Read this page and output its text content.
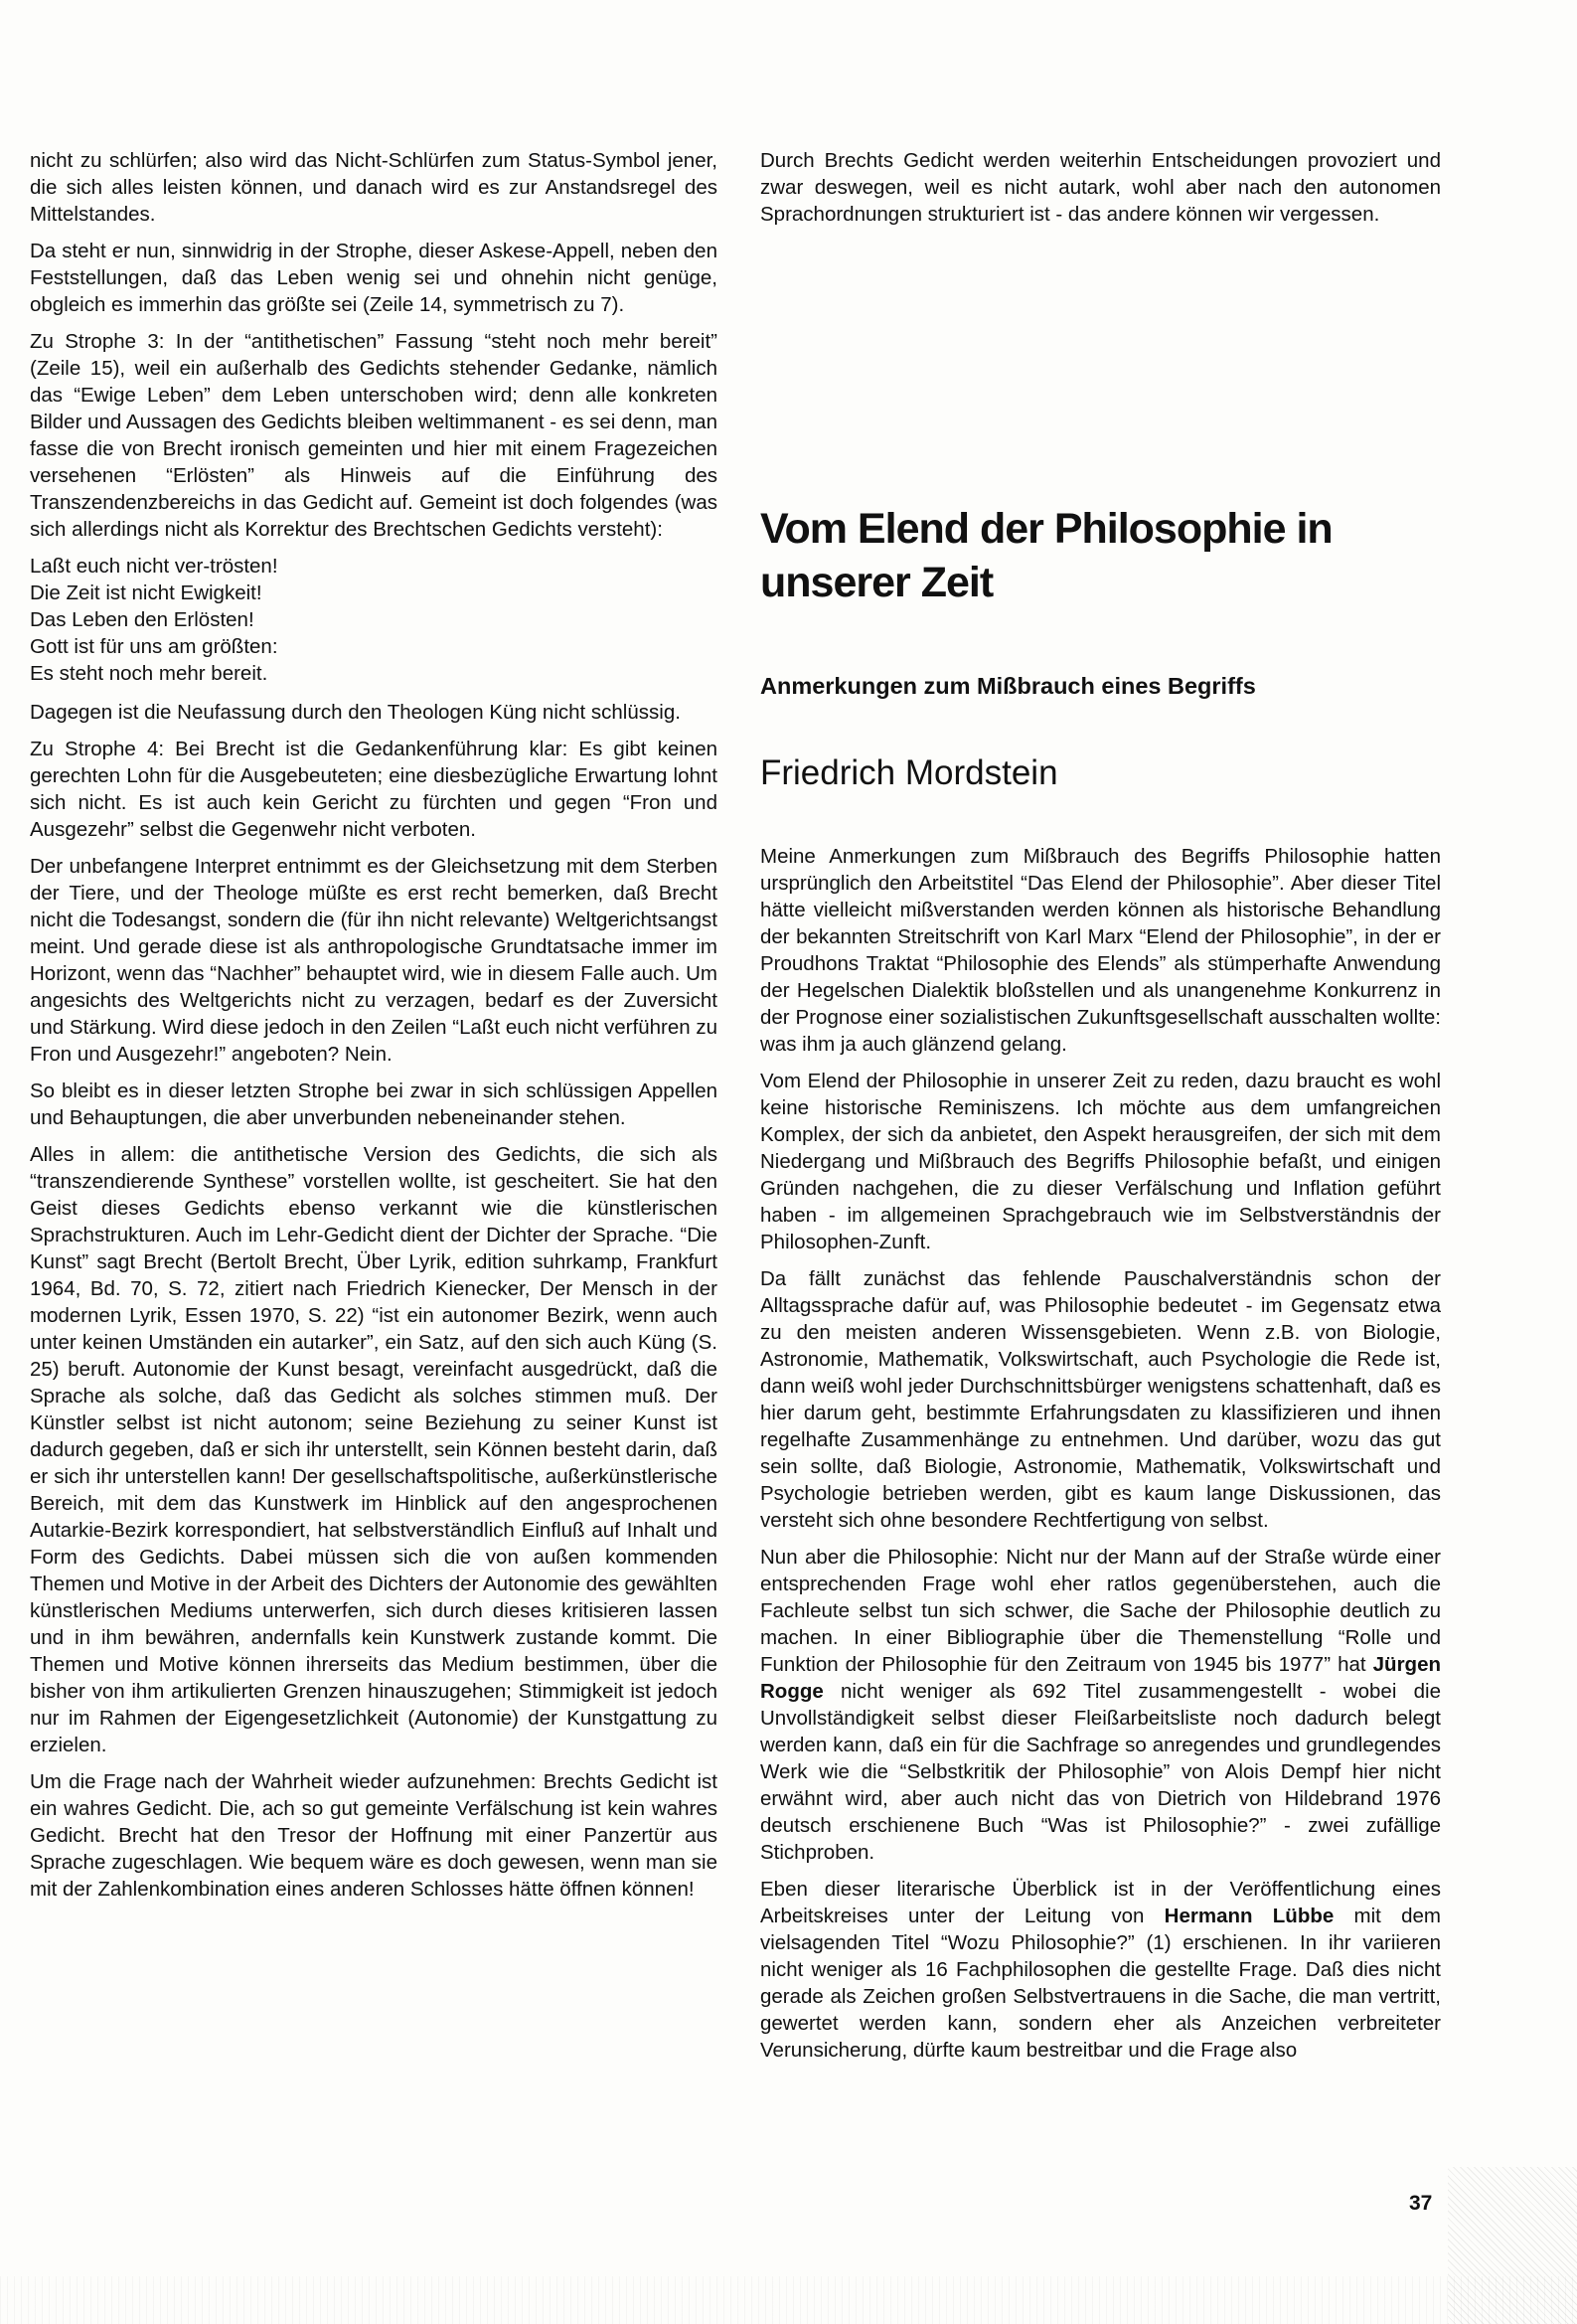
nicht zu schlürfen; also wird das Nicht-Schlürfen zum Status-Symbol jener, die sich alles leisten können, und danach wird es zur Anstandsregel des Mittelstandes.

Da steht er nun, sinnwidrig in der Strophe, dieser Askese-Appell, neben den Feststellungen, daß das Leben wenig sei und ohnehin nicht genüge, obgleich es immerhin das größte sei (Zeile 14, symmetrisch zu 7).

Zu Strophe 3: In der “antithetischen” Fassung “steht noch mehr bereit” (Zeile 15), weil ein außerhalb des Gedichts stehender Gedanke, nämlich das “Ewige Leben” dem Leben unterschoben wird; denn alle konkreten Bilder und Aussagen des Gedichts bleiben weltimmanent - es sei denn, man fasse die von Brecht ironisch gemeinten und hier mit einem Fragezeichen versehenen “Erlösten” als Hinweis auf die Einführung des Transzendenzbereichs in das Gedicht auf. Gemeint ist doch folgendes (was sich allerdings nicht als Korrektur des Brechtschen Gedichts versteht):

Laßt euch nicht ver-trösten!
Die Zeit ist nicht Ewigkeit!
Das Leben den Erlösten!
Gott ist für uns am größten:
Es steht noch mehr bereit.

Dagegen ist die Neufassung durch den Theologen Küng nicht schlüssig.

Zu Strophe 4: Bei Brecht ist die Gedankenführung klar: Es gibt keinen gerechten Lohn für die Ausgebeuteten; eine diesbezügliche Erwartung lohnt sich nicht. Es ist auch kein Gericht zu fürchten und gegen “Fron und Ausgezehr” selbst die Gegenwehr nicht verboten.

Der unbefangene Interpret entnimmt es der Gleichsetzung mit dem Sterben der Tiere, und der Theologe müßte es erst recht bemerken, daß Brecht nicht die Todesangst, sondern die (für ihn nicht relevante) Weltgerichtsangst meint. Und gerade diese ist als anthropologische Grundtatsache immer im Horizont, wenn das “Nachher” behauptet wird, wie in diesem Falle auch. Um angesichts des Weltgerichts nicht zu verzagen, bedarf es der Zuversicht und Stärkung. Wird diese jedoch in den Zeilen “Laßt euch nicht verführen zu Fron und Ausgezehr!” angeboten? Nein.

So bleibt es in dieser letzten Strophe bei zwar in sich schlüssigen Appellen und Behauptungen, die aber unverbunden nebeneinander stehen.

Alles in allem: die antithetische Version des Gedichts, die sich als “transzendierende Synthese” vorstellen wollte, ist gescheitert. Sie hat den Geist dieses Gedichts ebenso verkannt wie die künstlerischen Sprachstrukturen. Auch im Lehr-Gedicht dient der Dichter der Sprache. “Die Kunst” sagt Brecht (Bertolt Brecht, Über Lyrik, edition suhrkamp, Frankfurt 1964, Bd. 70, S. 72, zitiert nach Friedrich Kienecker, Der Mensch in der modernen Lyrik, Essen 1970, S. 22) “ist ein autonomer Bezirk, wenn auch unter keinen Umständen ein autarker”, ein Satz, auf den sich auch Küng (S. 25) beruft. Autonomie der Kunst besagt, vereinfacht ausgedrückt, daß die Sprache als solche, daß das Gedicht als solches stimmen muß. Der Künstler selbst ist nicht autonom; seine Beziehung zu seiner Kunst ist dadurch gegeben, daß er sich ihr unterstellt, sein Können besteht darin, daß er sich ihr unterstellen kann! Der gesellschaftspolitische, außerkünstlerische Bereich, mit dem das Kunstwerk im Hinblick auf den angesprochenen Autarkie-Bezirk korrespondiert, hat selbstverständlich Einfluß auf Inhalt und Form des Gedichts. Dabei müssen sich die von außen kommenden Themen und Motive in der Arbeit des Dichters der Autonomie des gewählten künstlerischen Mediums unterwerfen, sich durch dieses kritisieren lassen und in ihm bewähren, andernfalls kein Kunstwerk zustande kommt. Die Themen und Motive können ihrerseits das Medium bestimmen, über die bisher von ihm artikulierten Grenzen hinauszugehen; Stimmigkeit ist jedoch nur im Rahmen der Eigengesetzlichkeit (Autonomie) der Kunstgattung zu erzielen.

Um die Frage nach der Wahrheit wieder aufzunehmen: Brechts Gedicht ist ein wahres Gedicht. Die, ach so gut gemeinte Verfälschung ist kein wahres Gedicht. Brecht hat den Tresor der Hoffnung mit einer Panzertür aus Sprache zugeschlagen. Wie bequem wäre es doch gewesen, wenn man sie mit der Zahlenkombination eines anderen Schlosses hätte öffnen können!

Durch Brechts Gedicht werden weiterhin Entscheidungen provoziert und zwar deswegen, weil es nicht autark, wohl aber nach den autonomen Sprachordnungen strukturiert ist - das andere können wir vergessen.

Vom Elend der Philosophie in unserer Zeit
Anmerkungen zum Mißbrauch eines Begriffs
Friedrich Mordstein

Meine Anmerkungen zum Mißbrauch des Begriffs Philosophie hatten ursprünglich den Arbeitstitel “Das Elend der Philosophie”. Aber dieser Titel hätte vielleicht mißverstanden werden können als historische Behandlung der bekannten Streitschrift von Karl Marx “Elend der Philosophie”, in der er Proudhons Traktat “Philosophie des Elends” als stümperhafte Anwendung der Hegelschen Dialektik bloßstellen und als unangenehme Konkurrenz in der Prognose einer sozialistischen Zukunftsgesellschaft ausschalten wollte: was ihm ja auch glänzend gelang.

Vom Elend der Philosophie in unserer Zeit zu reden, dazu braucht es wohl keine historische Reminiszens. Ich möchte aus dem umfangreichen Komplex, der sich da anbietet, den Aspekt herausgreifen, der sich mit dem Niedergang und Mißbrauch des Begriffs Philosophie befaßt, und einigen Gründen nachgehen, die zu dieser Verfälschung und Inflation geführt haben - im allgemeinen Sprachgebrauch wie im Selbstverständnis der Philosophen-Zunft.

Da fällt zunächst das fehlende Pauschalverständnis schon der Alltagssprache dafür auf, was Philosophie bedeutet - im Gegensatz etwa zu den meisten anderen Wissensgebieten. Wenn z.B. von Biologie, Astronomie, Mathematik, Volkswirtschaft, auch Psychologie die Rede ist, dann weiß wohl jeder Durchschnittsbürger wenigstens schattenhaft, daß es hier darum geht, bestimmte Erfahrungsdaten zu klassifizieren und ihnen regelhafte Zusammenhänge zu entnehmen. Und darüber, wozu das gut sein sollte, daß Biologie, Astronomie, Mathematik, Volkswirtschaft und Psychologie betrieben werden, gibt es kaum lange Diskussionen, das versteht sich ohne besondere Rechtfertigung von selbst.

Nun aber die Philosophie: Nicht nur der Mann auf der Straße würde einer entsprechenden Frage wohl eher ratlos gegenüberstehen, auch die Fachleute selbst tun sich schwer, die Sache der Philosophie deutlich zu machen. In einer Bibliographie über die Themenstellung “Rolle und Funktion der Philosophie für den Zeitraum von 1945 bis 1977” hat Jürgen Rogge nicht weniger als 692 Titel zusammengestellt - wobei die Unvollständigkeit selbst dieser Fleißarbeitsliste noch dadurch belegt werden kann, daß ein für die Sachfrage so anregendes und grundlegendes Werk wie die “Selbstkritik der Philosophie” von Alois Dempf hier nicht erwähnt wird, aber auch nicht das von Dietrich von Hildebrand 1976 deutsch erschienene Buch “Was ist Philosophie?” - zwei zufällige Stichproben.

Eben dieser literarische Überblick ist in der Veröffentlichung eines Arbeitskreises unter der Leitung von Hermann Lübbe mit dem vielsagenden Titel “Wozu Philosophie?” (1) erschienen. In ihr variieren nicht weniger als 16 Fachphilosophen die gestellte Frage. Daß dies nicht gerade als Zeichen großen Selbstvertrauens in die Sache, die man vertritt, gewertet werden kann, sondern eher als Anzeichen verbreiteter Verunsicherung, dürfte kaum bestreitbar und die Frage also

37
